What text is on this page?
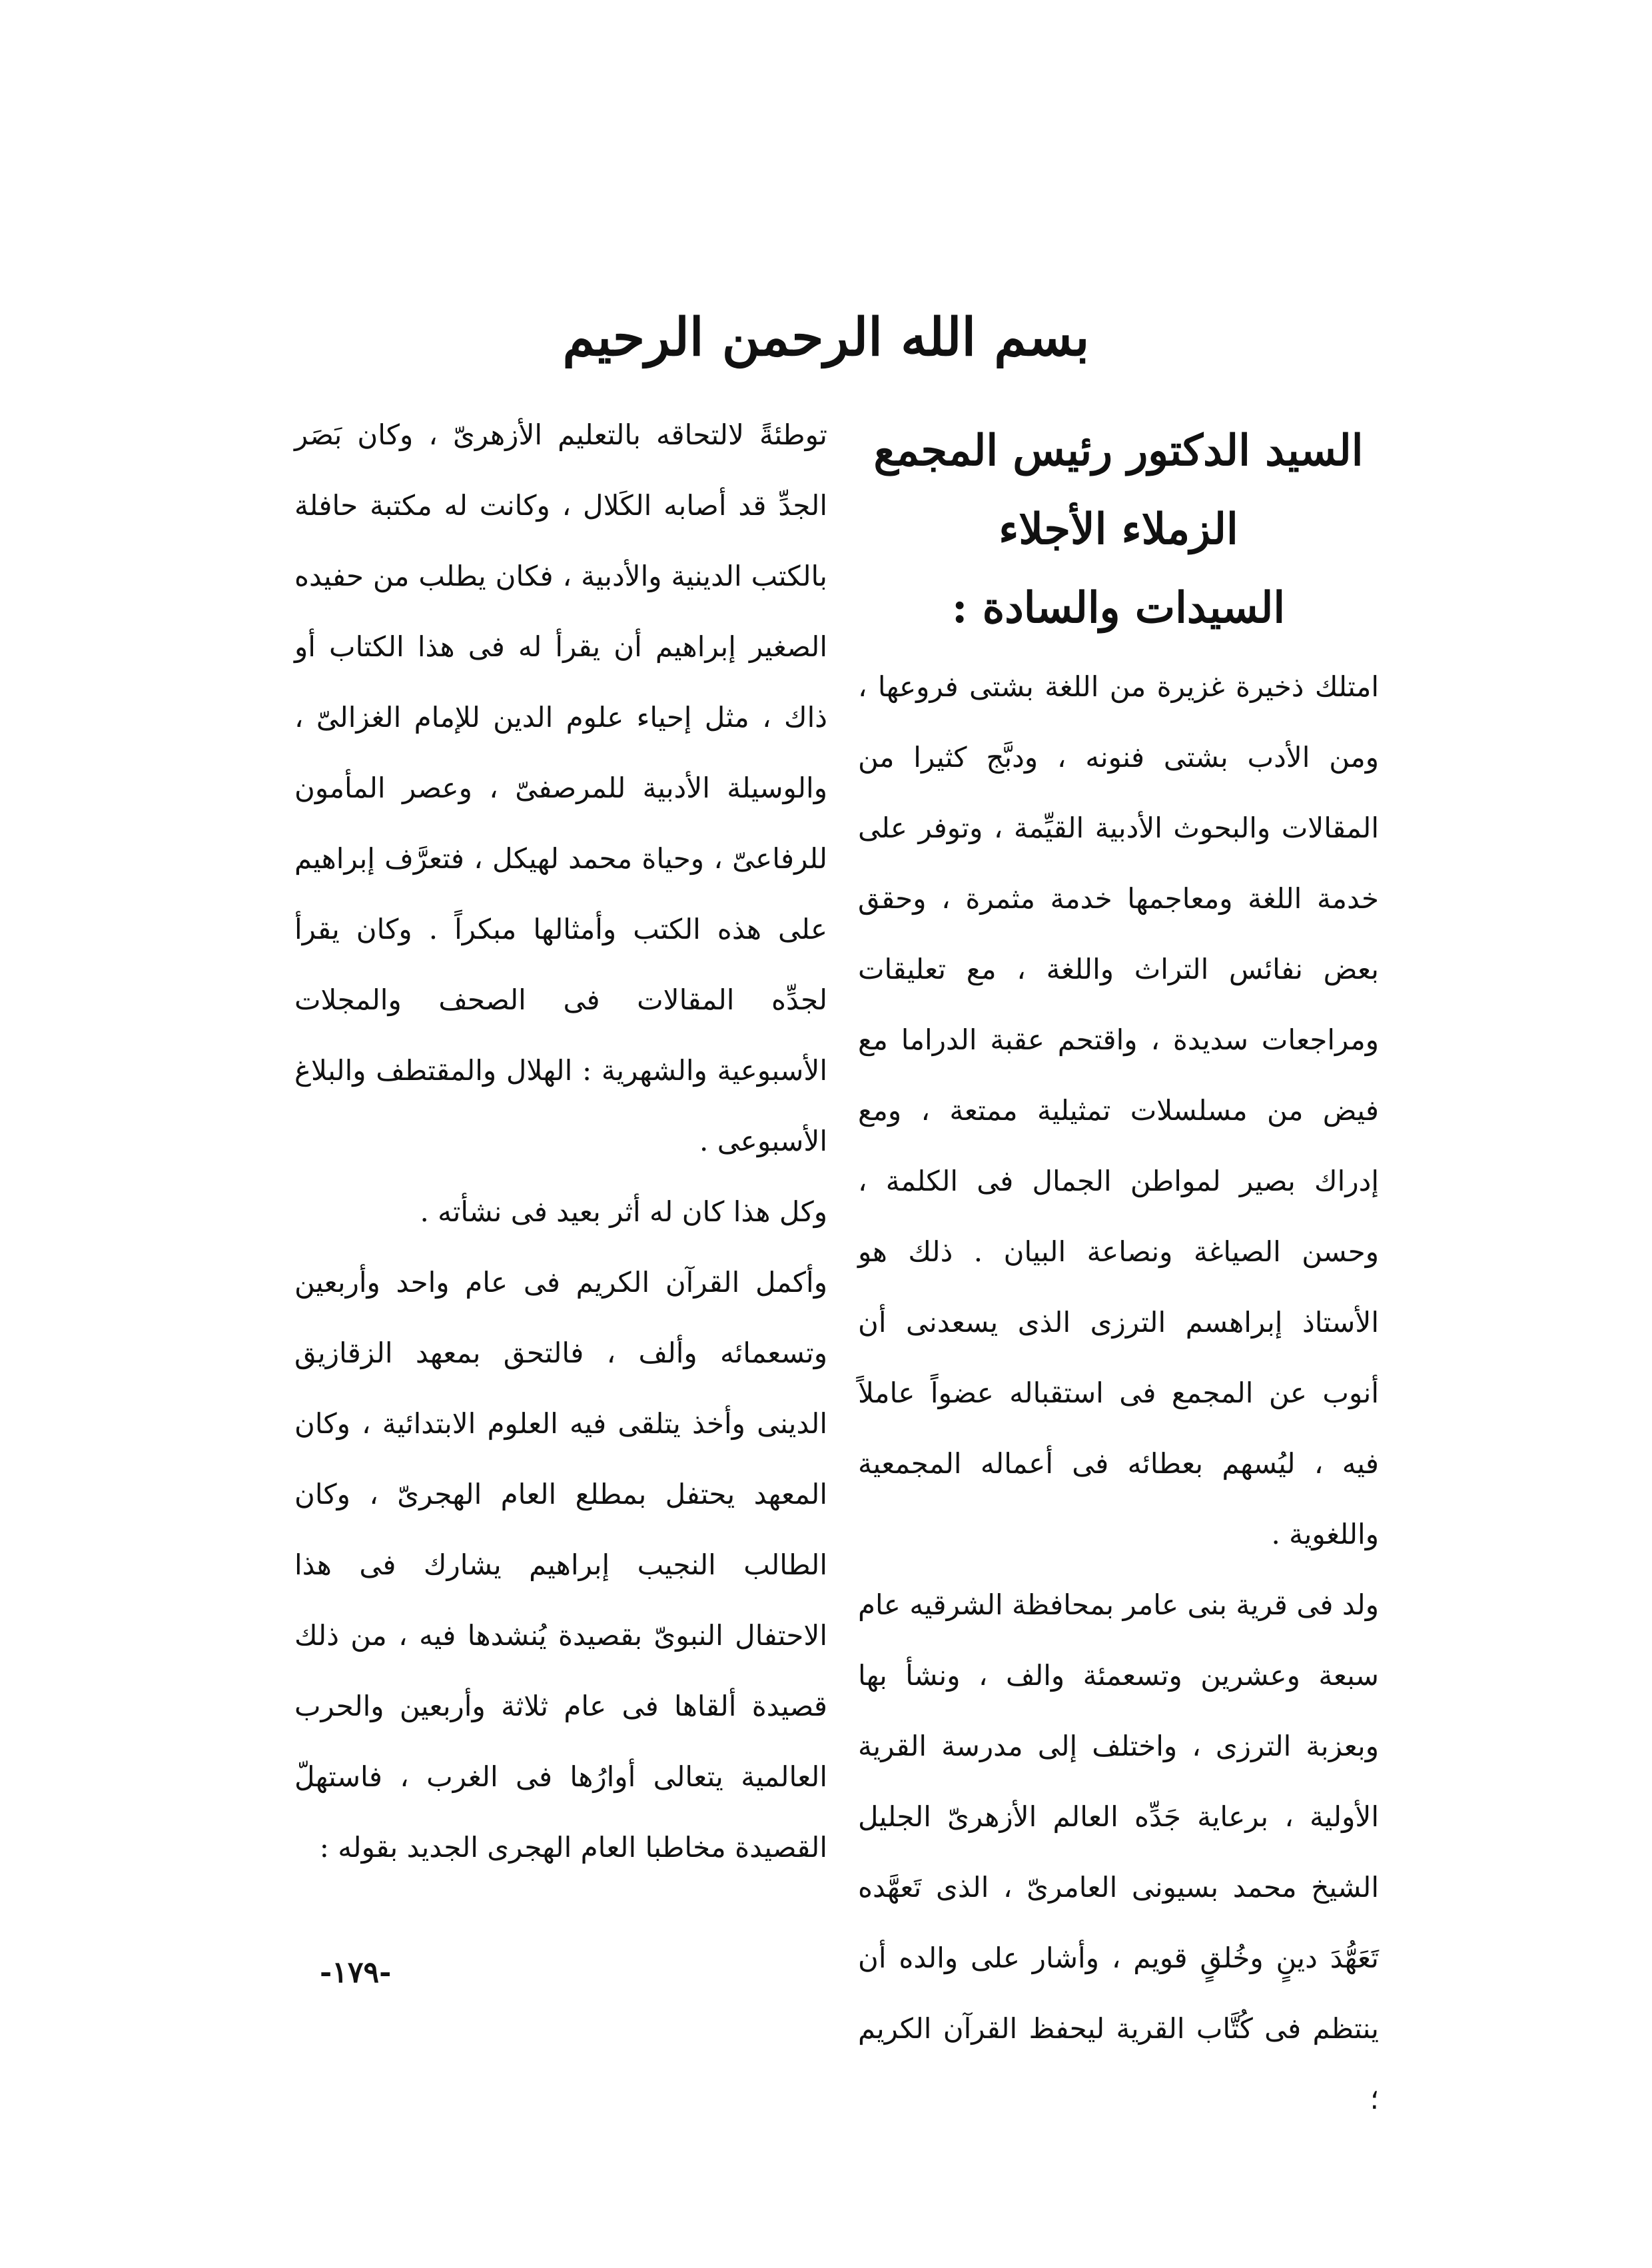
بسم الله الرحمن الرحيم
السيد الدكتور رئيس المجمع
الزملاء الأجلاء
السيدات والسادة :

امتلك ذخيرة غزيرة من اللغة بشتى فروعها ، ومن الأدب بشتى فنونه ، ودبَّج كثيرا من المقالات والبحوث الأدبية القيِّمة ، وتوفر على خدمة اللغة ومعاجمها خدمة مثمرة ، وحقق بعض نفائس التراث واللغة ، مع تعليقات ومراجعات سديدة ، واقتحم عقبة الدراما مع فيض من مسلسلات تمثيلية ممتعة ، ومع إدراك بصير لمواطن الجمال فى الكلمة ، وحسن الصياغة ونصاعة البيان . ذلك هو الأستاذ إبراهسم الترزى الذى يسعدنى أن أنوب عن المجمع فى استقباله عضواً عاملاً فيه ، ليُسهم بعطائه فى أعماله المجمعية واللغوية .

ولد فى قرية بنى عامر بمحافظة الشرقيه عام سبعة وعشرين وتسعمئة والف ، ونشأ بها وبعزبة الترزى ، واختلف إلى مدرسة القرية الأولية ، برعاية جَدِّه العالم الأزهرىّ الجليل الشيخ محمد بسيونى العامرىّ ، الذى تَعهَّده تَعَهُّدَ دينٍ وخُلقٍ قويم ، وأشار على والده أن ينتظم فى كُتَّاب القرية ليحفظ القرآن الكريم ؛

توطئةً لالتحاقه بالتعليم الأزهرىّ ، وكان بَصَر الجدِّ قد أصابه الكَلال ، وكانت له مكتبة حافلة بالكتب الدينية والأدبية ، فكان يطلب من حفيده الصغير إبراهيم أن يقرأ له فى هذا الكتاب أو ذاك ، مثل إحياء علوم الدين للإمام الغزالىّ ، والوسيلة الأدبية للمرصفىّ ، وعصر المأمون للرفاعىّ ، وحياة محمد لهيكل ، فتعرَّف إبراهيم على هذه الكتب وأمثالها مبكراً . وكان يقرأ لجدِّه المقالات فى الصحف والمجلات الأسبوعية والشهرية : الهلال والمقتطف والبلاغ الأسبوعى .

وكل هذا كان له أثر بعيد فى نشأته .

وأكمل القرآن الكريم فى عام واحد وأربعين وتسعمائه وألف ، فالتحق بمعهد الزقازيق الدينى وأخذ يتلقى فيه العلوم الابتدائية ، وكان المعهد يحتفل بمطلع العام الهجرىّ ، وكان الطالب النجيب إبراهيم يشارك فى هذا الاحتفال النبوىّ بقصيدة يُنشدها فيه ، من ذلك قصيدة ألقاها فى عام ثلاثة وأربعين والحرب العالمية يتعالى أوارُها فى الغرب ، فاستهلّ القصيدة مخاطبا العام الهجرى الجديد بقوله :

-١٧٩-
